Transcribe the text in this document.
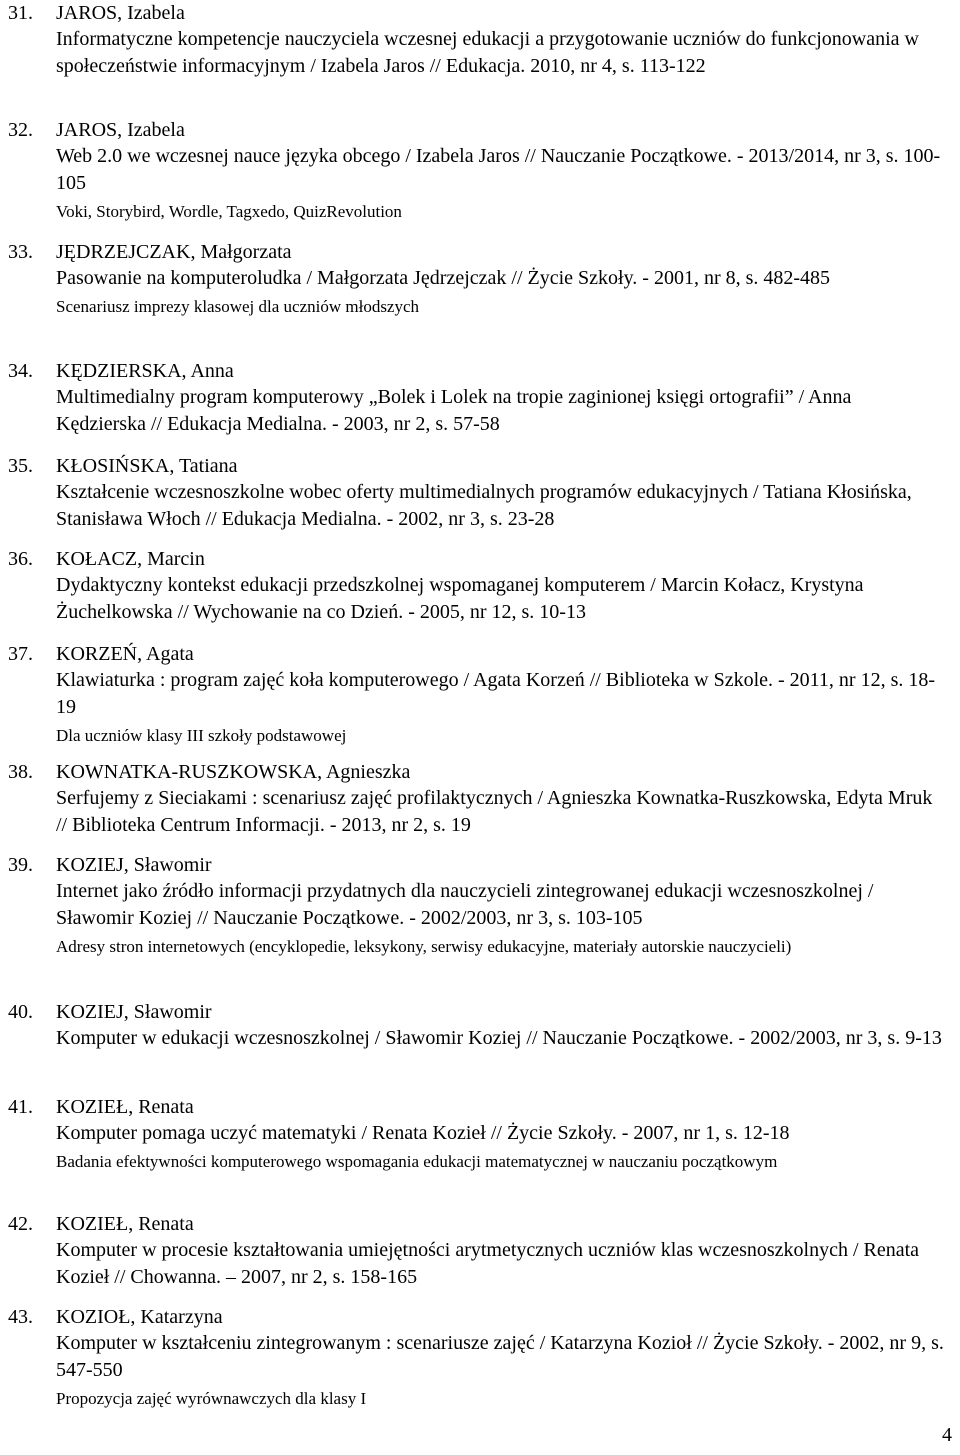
31. JAROS, Izabela
Informatyczne kompetencje nauczyciela wczesnej edukacji a przygotowanie uczniów do funkcjonowania w społeczeństwie informacyjnym / Izabela Jaros // Edukacja. 2010, nr 4, s. 113-122
32. JAROS, Izabela
Web 2.0 we wczesnej nauce języka obcego / Izabela Jaros // Nauczanie Początkowe. - 2013/2014, nr 3, s. 100-105
Voki, Storybird, Wordle, Tagxedo, QuizRevolution
33. JĘDRZEJCZAK, Małgorzata
Pasowanie na komputeroludka / Małgorzata Jędrzejczak // Życie Szkoły. - 2001, nr 8, s. 482-485
Scenariusz imprezy klasowej dla uczniów młodszych
34. KĘDZIERSKA, Anna
Multimedialny program komputerowy „Bolek i Lolek na tropie zaginionej księgi ortografii” / Anna Kędzierska // Edukacja Medialna. - 2003, nr 2, s. 57-58
35. KŁOSIŃSKA, Tatiana
Kształcenie wczesnoszkolne wobec oferty multimedialnych programów edukacyjnych / Tatiana Kłosińska, Stanisława Włoch // Edukacja Medialna. - 2002, nr 3, s. 23-28
36. KOŁACZ, Marcin
Dydaktyczny kontekst edukacji przedszkolnej wspomaganej komputerem / Marcin Kołacz, Krystyna Żuchelkowska // Wychowanie na co Dzień. - 2005, nr 12, s. 10-13
37. KORZEŃ, Agata
Klawiaturka : program zajęć koła komputerowego / Agata Korzeń // Biblioteka w Szkole. - 2011, nr 12, s. 18-19
Dla uczniów klasy III szkoły podstawowej
38. KOWNATKA-RUSZKOWSKA, Agnieszka
Serfujemy z Sieciakami : scenariusz zajęć profilaktycznych / Agnieszka Kownatka-Ruszkowska, Edyta Mruk // Biblioteka Centrum Informacji. - 2013, nr 2, s. 19
39. KOZIEJ, Sławomir
Internet jako źródło informacji przydatnych dla nauczycieli zintegrowanej edukacji wczesnoszkolnej / Sławomir Koziej // Nauczanie Początkowe. - 2002/2003, nr 3, s. 103-105
Adresy stron internetowych (encyklopedie, leksykony, serwisy edukacyjne, materiały autorskie nauczycieli)
40. KOZIEJ, Sławomir
Komputer w edukacji wczesnoszkolnej / Sławomir Koziej // Nauczanie Początkowe. - 2002/2003, nr 3, s. 9-13
41. KOZIEŁ, Renata
Komputer pomaga uczyć matematyki / Renata Kozieł // Życie Szkoły. - 2007, nr 1, s. 12-18
Badania efektywności komputerowego wspomagania edukacji matematycznej w nauczaniu początkowym
42. KOZIEŁ, Renata
Komputer w procesie kształtowania umiejętności arytmetycznych uczniów klas wczesnoszkolnych / Renata Kozieł // Chowanna. – 2007, nr 2, s. 158-165
43. KOZIOŁ, Katarzyna
Komputer w kształceniu zintegrowanym : scenariusze zajęć / Katarzyna Kozioł // Życie Szkoły. - 2002, nr 9, s. 547-550
Propozycja zajęć wyrównawczych dla klasy I
4
